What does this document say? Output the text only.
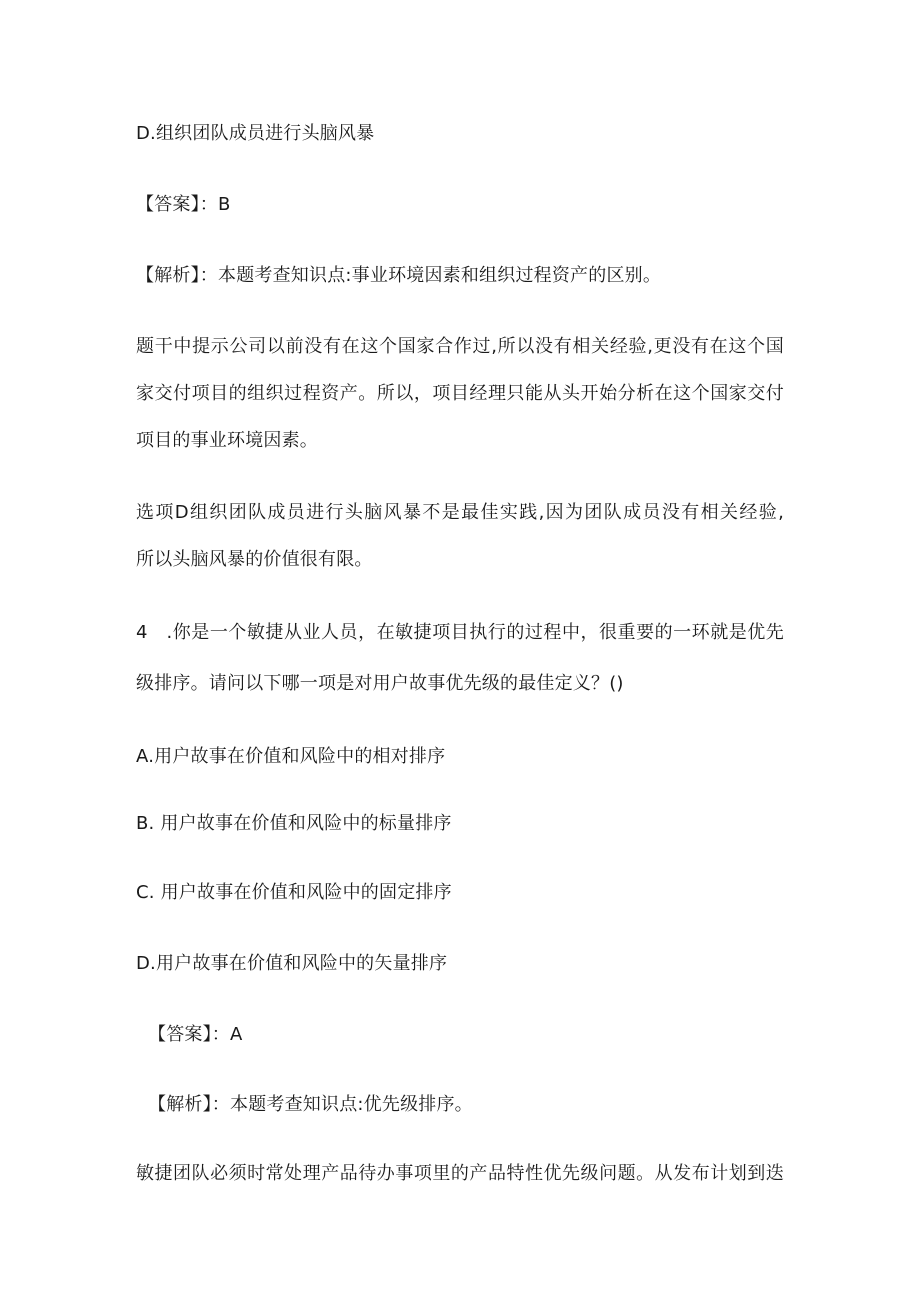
D.组织团队成员进行头脑风暴
【答案】：B
【解析】：本题考查知识点:事业环境因素和组织过程资产的区别。
题干中提示公司以前没有在这个国家合作过,所以没有相关经验,更没有在这个国
家交付项目的组织过程资产。所以，项目经理只能从头开始分析在这个国家交付
项目的事业环境因素。
选项D组织团队成员进行头脑风暴不是最佳实践,因为团队成员没有相关经验,
所以头脑风暴的价值很有限。
4　.你是一个敏捷从业人员，在敏捷项目执行的过程中，很重要的一环就是优先
级排序。请问以下哪一项是对用户故事优先级的最佳定义？()
A.用户故事在价值和风险中的相对排序
B. 用户故事在价值和风险中的标量排序
C. 用户故事在价值和风险中的固定排序
D.用户故事在价值和风险中的矢量排序
【答案】：A
【解析】：本题考查知识点:优先级排序。
敏捷团队必须时常处理产品待办事项里的产品特性优先级问题。从发布计划到迭
